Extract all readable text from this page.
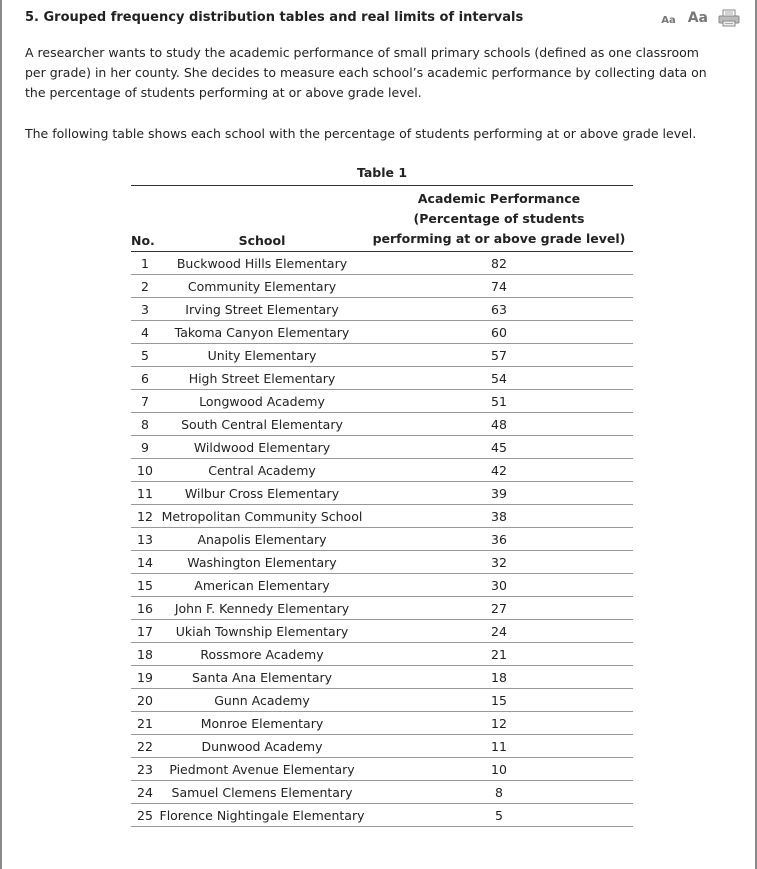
5. Grouped frequency distribution tables and real limits of intervals	Aa Aa

A researcher wants to study the academic performance of small primary schools (defined as one classroom per grade) in her county. She decides to measure each school’s academic performance by collecting data on the percentage of students performing at or above grade level.

The following table shows each school with the percentage of students performing at or above grade level.

Table 1
No.	School	Academic Performance
(Percentage of students
performing at or above grade level)
1	Buckwood Hills Elementary	82
2	Community Elementary	74
3	Irving Street Elementary	63
4	Takoma Canyon Elementary	60
5	Unity Elementary	57
6	High Street Elementary	54
7	Longwood Academy	51
8	South Central Elementary	48
9	Wildwood Elementary	45
10	Central Academy	42
11	Wilbur Cross Elementary	39
12	Metropolitan Community School	38
13	Anapolis Elementary	36
14	Washington Elementary	32
15	American Elementary	30
16	John F. Kennedy Elementary	27
17	Ukiah Township Elementary	24
18	Rossmore Academy	21
19	Santa Ana Elementary	18
20	Gunn Academy	15
21	Monroe Elementary	12
22	Dunwood Academy	11
23	Piedmont Avenue Elementary	10
24	Samuel Clemens Elementary	8
25	Florence Nightingale Elementary	5
